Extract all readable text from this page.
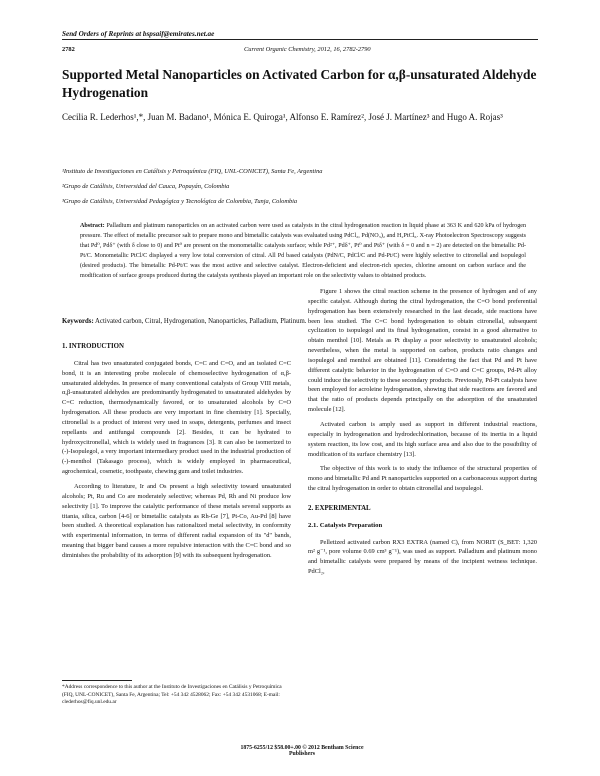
Send Orders of Reprints at bspsaif@emirates.net.ae
2782	Current Organic Chemistry, 2012, 16, 2782-2790
Supported Metal Nanoparticles on Activated Carbon for α,β-unsaturated Aldehyde Hydrogenation
Cecilia R. Lederhos¹,*, Juan M. Badano¹, Mónica E. Quiroga¹, Alfonso E. Ramírez², José J. Martínez³ and Hugo A. Rojas³
¹Instituto de Investigaciones en Catálisis y Petroquímica (FIQ, UNL-CONICET), Santa Fe, Argentina
²Grupo de Catálisis, Universidad del Cauca, Popayán, Colombia
³Grupo de Catálisis, Universidad Pedagógica y Tecnológica de Colombia, Tunja, Colombia
Abstract: Palladium and platinum nanoparticles on an activated carbon were used as catalysts in the citral hydrogenation reaction in liquid phase at 363 K and 620 kPa of hydrogen pressure. The effect of metallic precursor salt to prepare mono and bimetallic catalysts was evaluated using PdCl₂, Pd(NO₃)₂ and H₂PtCl₆. X-ray Photoelectron Spectroscopy suggests that Pd⁰, Pdδ⁺ (with δ close to 0) and Pt⁰ are present on the monometallic catalysts surface; while Pd²⁺, Pdδ⁺, Pt⁰ and Ptδ⁺ (with δ = 0 and n = 2) are detected on the bimetallic Pd-Pt/C. Monometallic PtCl/C displayed a very low total conversion of citral. All Pd based catalysts (PdN/C, PdCl/C and Pd-Pt/C) were highly selective to citronellal and isopulegol (desired products). The bimetallic Pd-Pt/C was the most active and selective catalyst. Electron-deficient and electron-rich species, chlorine amount on carbon surface and the modification of surface groups produced during the catalysts synthesis played an important role on the selectivity values to obtained products.
Keywords: Activated carbon, Citral, Hydrogenation, Nanoparticles, Palladium, Platinum.
1. INTRODUCTION

Citral has two unsaturated conjugated bonds, C=C and C=O, and an isolated C=C bond, it is an interesting probe molecule of chemoselective hydrogenation of α,β-unsaturated aldehydes. In presence of many conventional catalysts of Group VIII metals, α,β-unsaturated aldehydes are predominantly hydrogenated to unsaturated aldehydes by C=C reduction, thermodynamically favored, or to unsaturated alcohols by C=O hydrogenation. All these products are very important in fine chemistry [1]. Specially, citronellal is a product of interest very used in soaps, detergents, perfumes and insect repellants and antifungal compounds [2]. Besides, it can be hydrated to hydroxycitronellal, which is widely used in fragrances [3]. It can also be isomerized to (-)-Isopulegol, a very important intermediary product used in the industrial production of (-)-menthol (Takasago process), which is widely employed in pharmaceutical, agrochemical, cosmetic, toothpaste, chewing gum and toilet industries.

According to literature, Ir and Os present a high selectivity toward unsaturated alcohols; Pt, Ru and Co are moderately selective; whereas Pd, Rh and Ni produce low selectivity [1]. To improve the catalytic performance of these metals several supports as titania, silica, carbon [4-6] or bimetallic catalysts as Rh-Ge [7], Pt-Co, Au-Pd [8] have been studied. A theoretical explanation has rationalized metal selectivity, in conformity with experimental information, in terms of different radial expansion of its "d" bands, meaning that bigger band causes a more repulsive interaction with the C=C bond and so diminishes the probability of its adsorption [9] with its subsequent hydrogenation.

Figure 1 shows the citral reaction scheme in the presence of hydrogen and of any specific catalyst. Although during the citral hydrogenation, the C=O bond preferential hydrogenation has been extensively researched in the last decade, side reactions have been less studied. The C=C bond hydrogenation to obtain citronellal, subsequent cyclization to isopulegol and its final hydrogenation, consist in a good alternative to obtain menthol [10]. Metals as Pt display a poor selectivity to unsaturated alcohols; nevertheless, when the metal is supported on carbon, products ratio changes and isopulegol and menthol are obtained [11]. Considering the fact that Pd and Pt have different catalytic behavior in the hydrogenation of C=O and C=C groups, Pd-Pt alloy could induce the selectivity to these secondary products. Previously, Pd-Pt catalysts have been employed for acroleine hydrogenation, showing that side reactions are favored and that the ratio of products depends principally on the adsorption of the unsaturated molecule [12].

Activated carbon is amply used as support in different industrial reactions, especially in hydrogenation and hydrodechlorination, because of its inertia in a liquid system reaction, its low cost, and its high surface area and also due to the possibility of modification of its surface chemistry [13].

The objective of this work is to study the influence of the structural properties of mono and bimetallic Pd and Pt nanoparticles supported on a carbonaceous support during the citral hydrogenation in order to obtain citronellal and isopulegol.

2. EXPERIMENTAL
2.1. Catalysts Preparation

Pelletized activated carbon RX3 EXTRA (named C), from NORIT (S_BET: 1,320 m² g⁻¹, pore volume 0.69 cm³ g⁻¹), was used as support. Palladium and platinum mono and bimetallic catalysts were prepared by means of the incipient wetness technique. PdCl₂,

*Address correspondence to this author at the Instituto de Investigaciones en Catálisis y Petroquímica (FIQ, UNL-CONICET), Santa Fe, Argentina; Tel: +54 342 4528062; Fax: +54 342 4531068; E-mail: clederhos@fiq.unl.edu.ar
1875-6255/12 $58.00+.00 © 2012 Bentham Science Publishers
